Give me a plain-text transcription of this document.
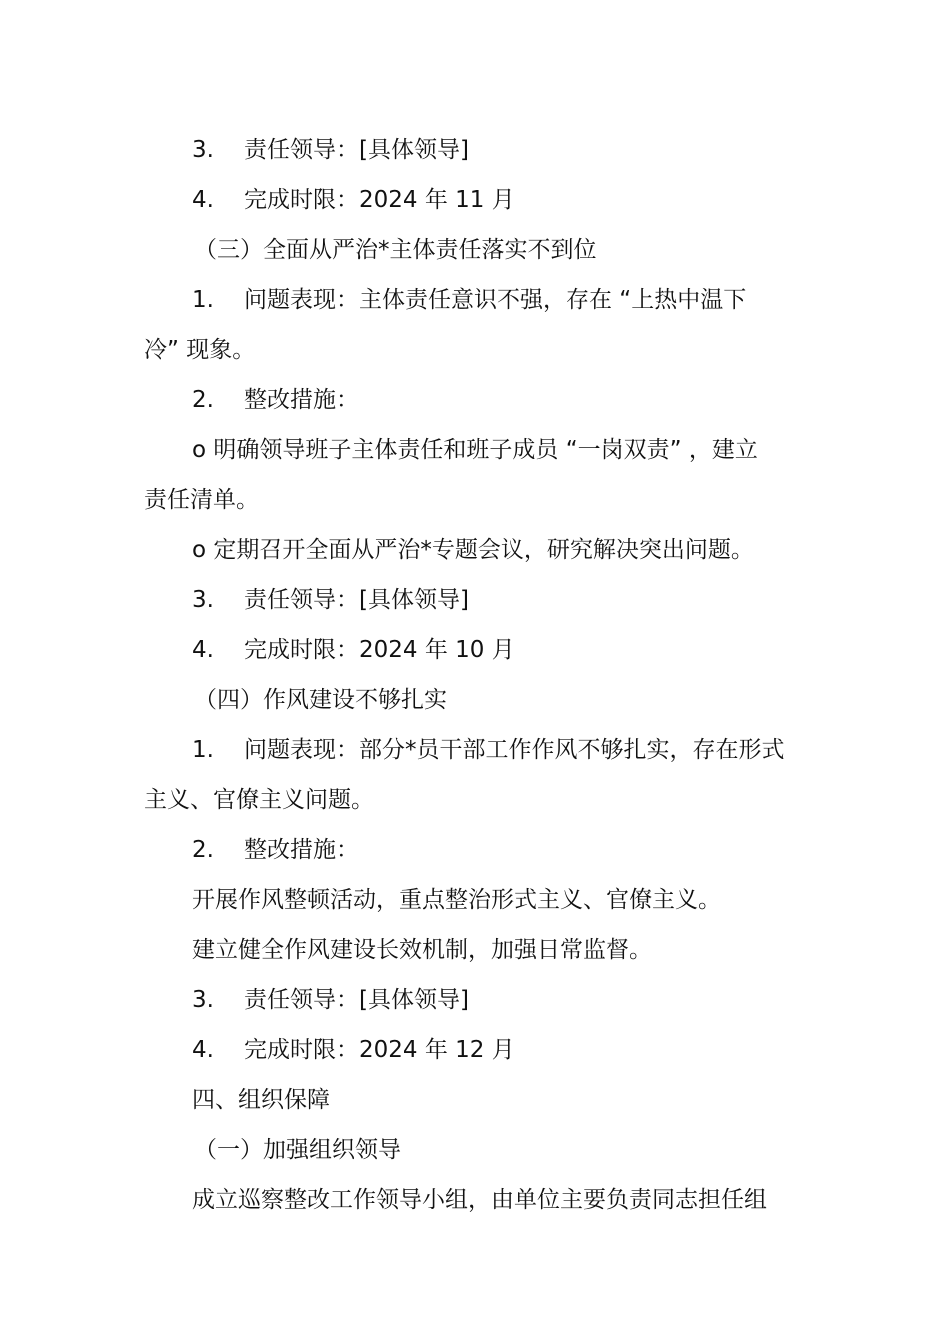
3. 责任领导：[具体领导]
4. 完成时限：2024 年 11 月
（三）全面从严治*主体责任落实不到位
1. 问题表现：主体责任意识不强，存在 “上热中温下
冷” 现象。
2. 整改措施：
o 明确领导班子主体责任和班子成员 “一岗双责” ，建立
责任清单。
o 定期召开全面从严治*专题会议，研究解决突出问题。
3. 责任领导：[具体领导]
4. 完成时限：2024 年 10 月
（四）作风建设不够扎实
1. 问题表现：部分*员干部工作作风不够扎实，存在形式
主义、官僚主义问题。
2. 整改措施：
开展作风整顿活动，重点整治形式主义、官僚主义。
建立健全作风建设长效机制，加强日常监督。
3. 责任领导：[具体领导]
4. 完成时限：2024 年 12 月
四、组织保障
（一）加强组织领导
成立巡察整改工作领导小组，由单位主要负责同志担任组
